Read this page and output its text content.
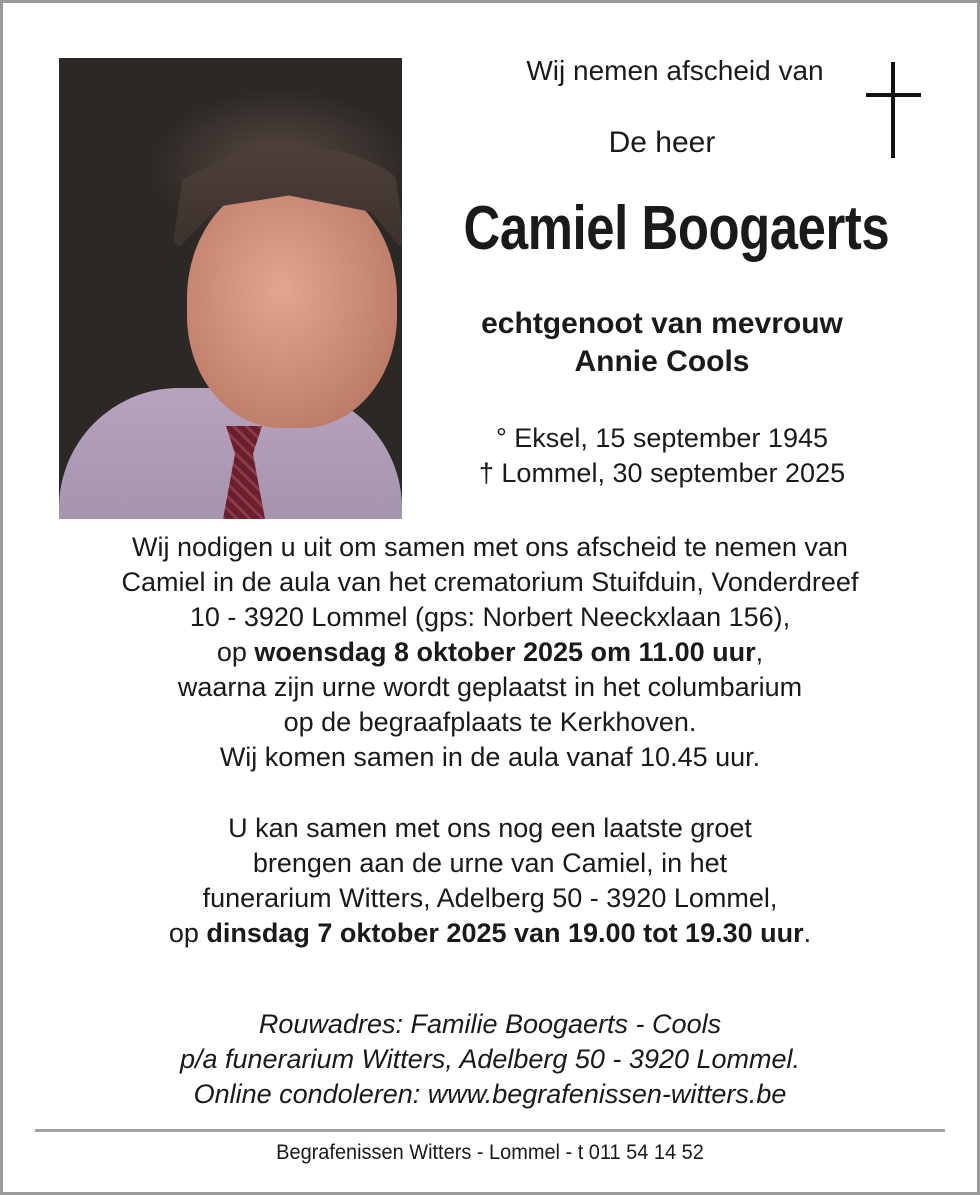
Wij nemen afscheid van
De heer
Camiel Boogaerts
echtgenoot van mevrouw
Annie Cools
° Eksel, 15 september 1945
† Lommel, 30 september 2025

Wij nodigen u uit om samen met ons afscheid te nemen van

Camiel in de aula van het crematorium Stuifduin, Vonderdreef

10 - 3920 Lommel (gps: Norbert Neeckxlaan 156),

op woensdag 8 oktober 2025 om 11.00 uur,

waarna zijn urne wordt geplaatst in het columbarium

op de begraafplaats te Kerkhoven.

Wij komen samen in de aula vanaf 10.45 uur.

U kan samen met ons nog een laatste groet

brengen aan de urne van Camiel, in het

funerarium Witters, Adelberg 50 - 3920 Lommel,

op dinsdag 7 oktober 2025 van 19.00 tot 19.30 uur.

Rouwadres: Familie Boogaerts - Cools

p/a funerarium Witters, Adelberg 50 - 3920 Lommel.

Online condoleren: www.begrafenissen-witters.be

Begrafenissen Witters - Lommel - t 011 54 14 52
